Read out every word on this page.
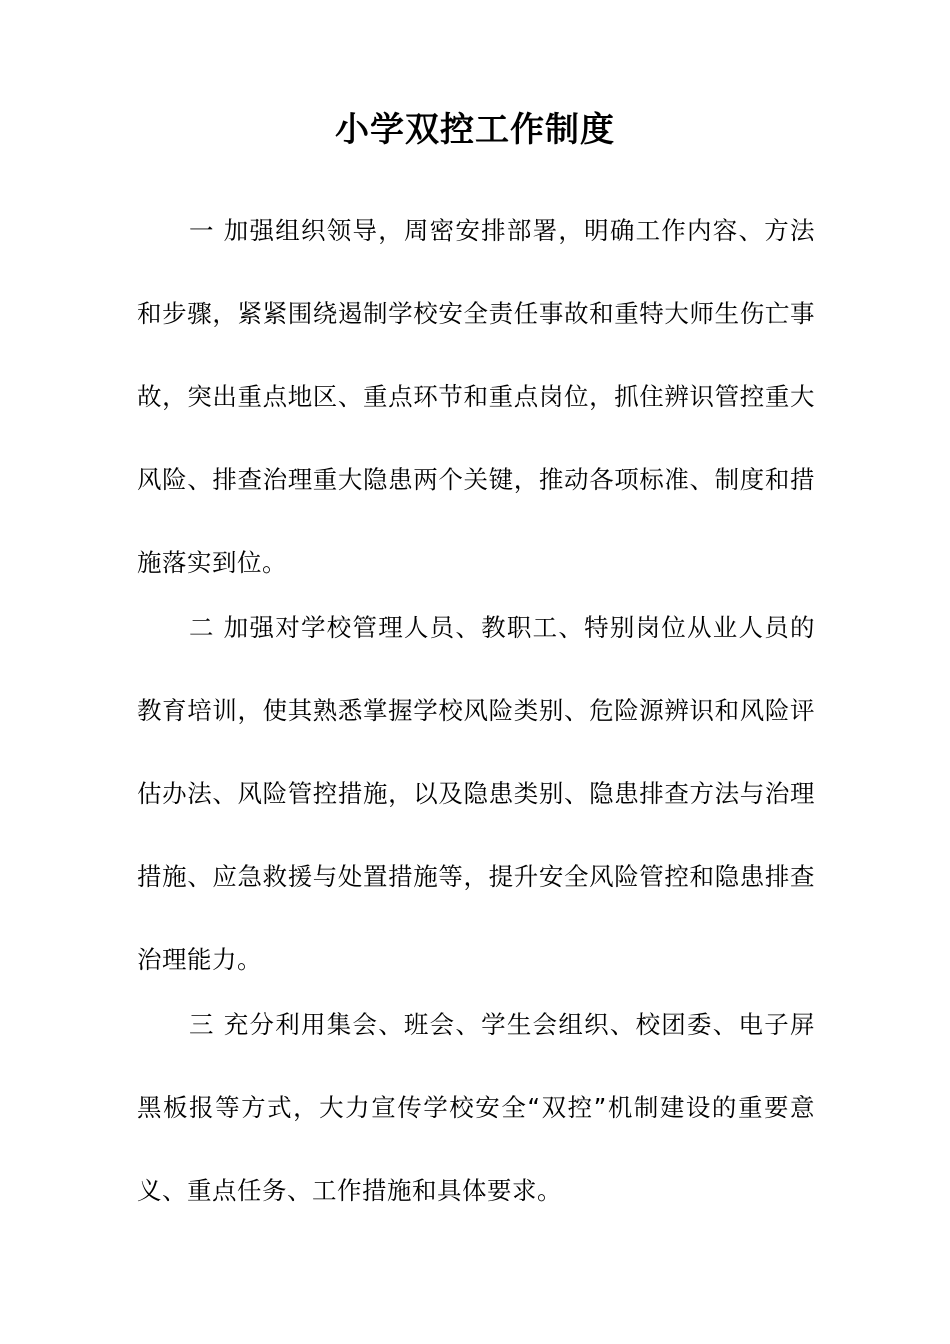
小学双控工作制度

一 加强组织领导，周密安排部署，明确工作内容、方法和步骤，紧紧围绕遏制学校安全责任事故和重特大师生伤亡事故，突出重点地区、重点环节和重点岗位，抓住辨识管控重大风险、排查治理重大隐患两个关键，推动各项标准、制度和措施落实到位。

二 加强对学校管理人员、教职工、特别岗位从业人员的教育培训，使其熟悉掌握学校风险类别、危险源辨识和风险评估办法、风险管控措施，以及隐患类别、隐患排查方法与治理措施、应急救援与处置措施等，提升安全风险管控和隐患排查治理能力。

三 充分利用集会、班会、学生会组织、校团委、电子屏黑板报等方式，大力宣传学校安全“双控”机制建设的重要意义、重点任务、工作措施和具体要求。
